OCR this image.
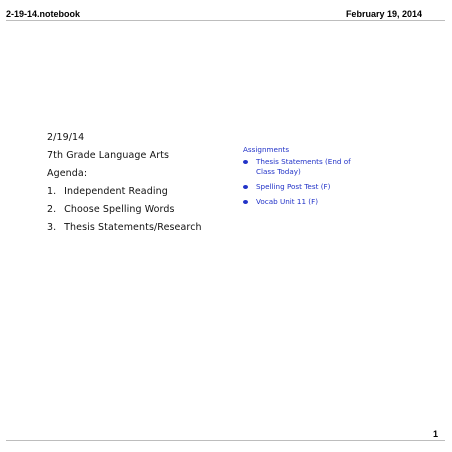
2-19-14.notebook	February 19, 2014
2/19/14
7th Grade Language Arts
Agenda:
1. Independent Reading
2. Choose Spelling Words
3. Thesis Statements/Research
Assignments
Thesis Statements (End of Class Today)
Spelling Post Test (F)
Vocab Unit 11 (F)
1
